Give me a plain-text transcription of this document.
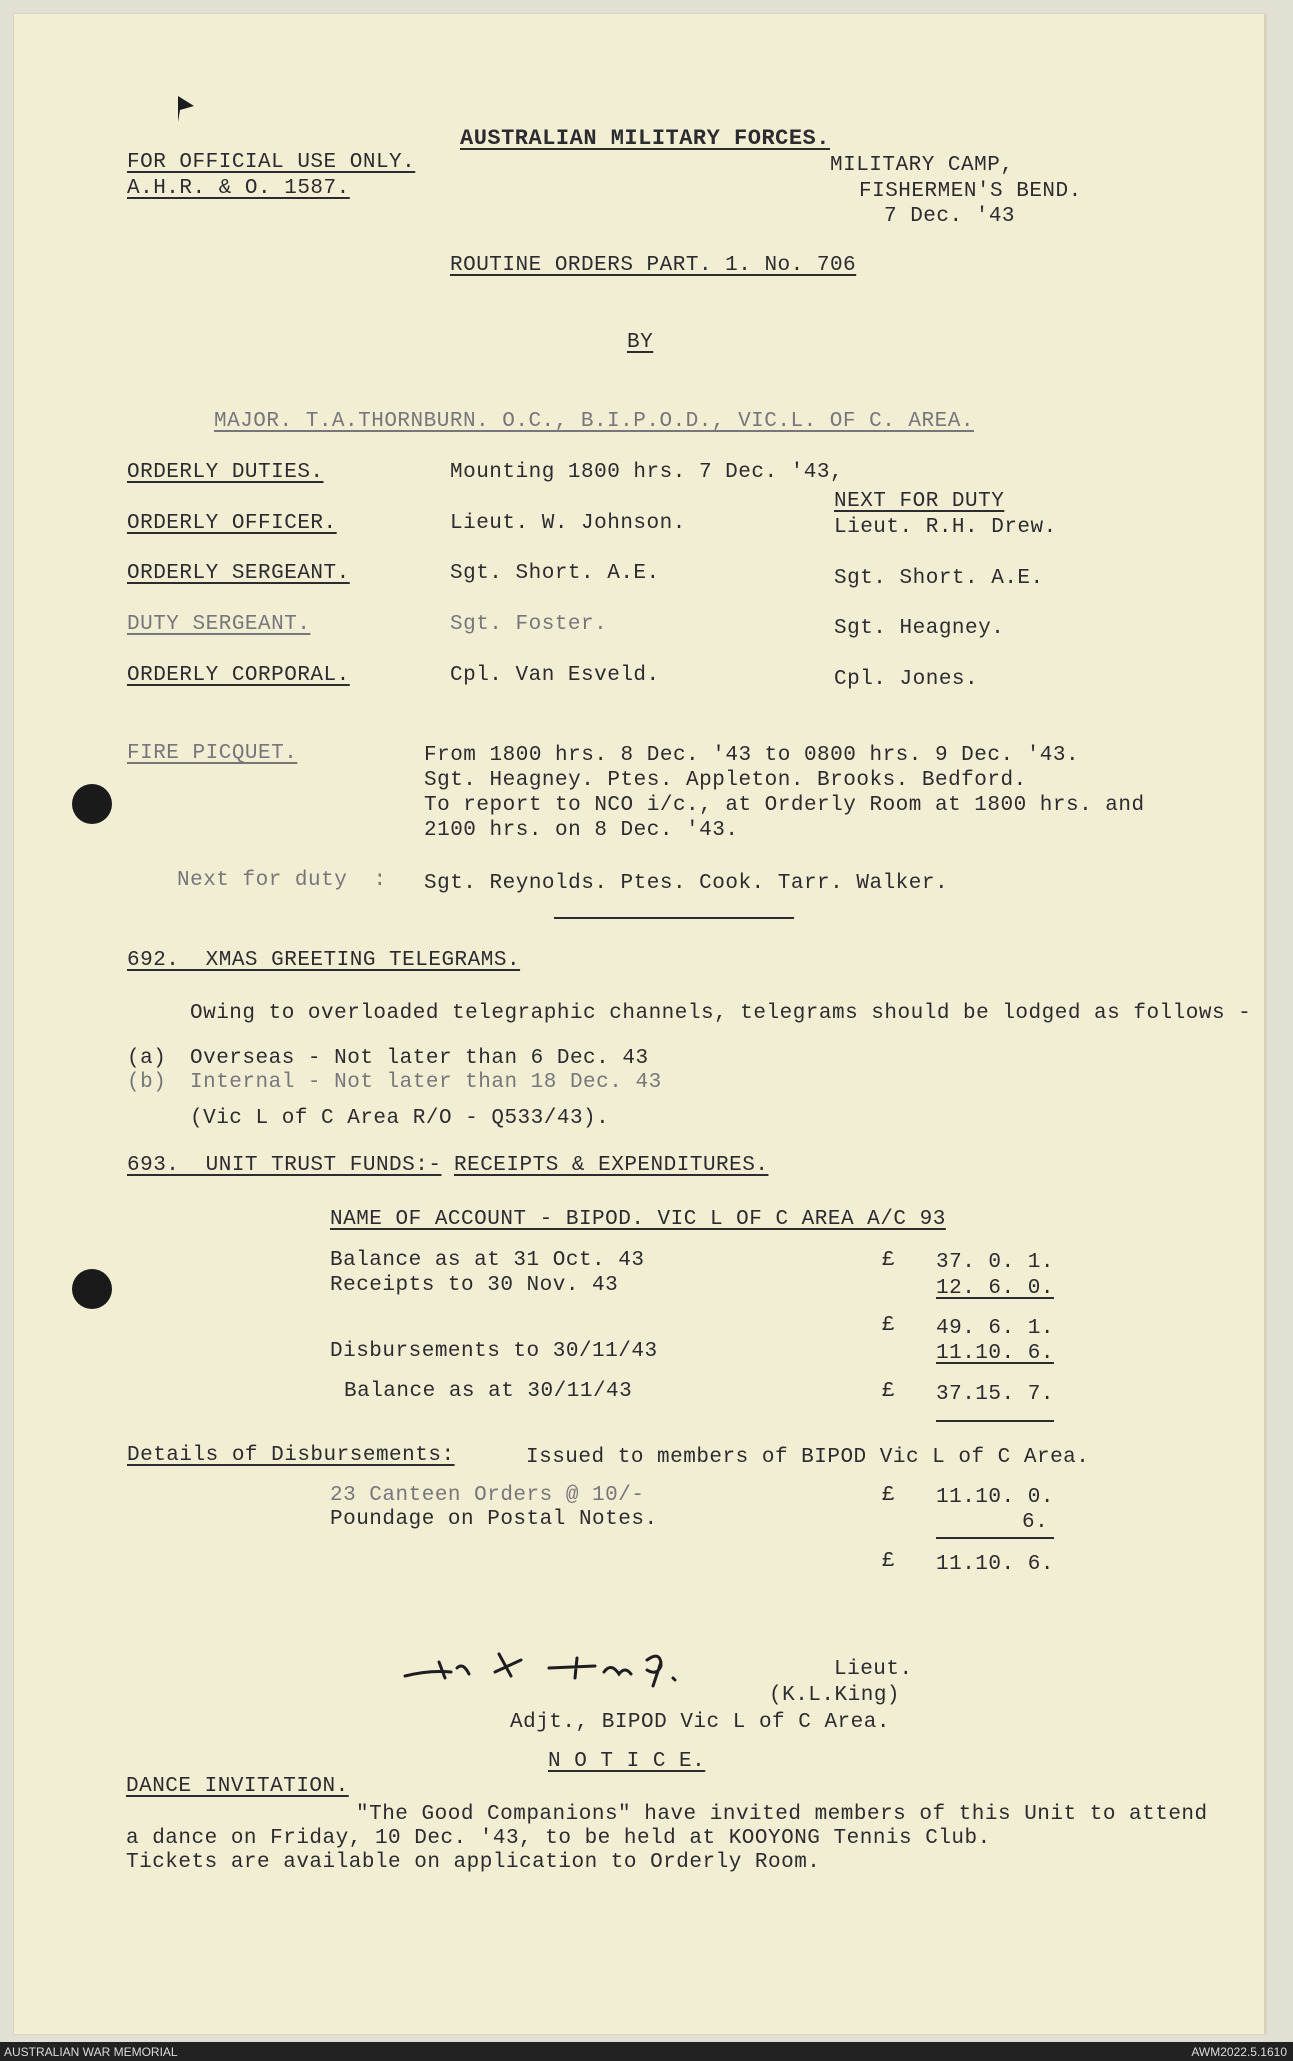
AUSTRALIAN MILITARY FORCES.
FOR OFFICIAL USE ONLY.
A.H.R. & O. 1587.
MILITARY CAMP,
FISHERMEN'S BEND.
7 Dec. '43
ROUTINE ORDERS PART. 1. No. 706
BY
MAJOR. T.A.THORNBURN. O.C., B.I.P.O.D., VIC.L. OF C. AREA.
NEXT FOR DUTY
ORDERLY DUTIES.	Mounting 1800 hrs. 7 Dec. '43,
ORDERLY OFFICER.	Lieut. W. Johnson.	Lieut. R.H. Drew.
ORDERLY SERGEANT.	Sgt. Short. A.E.	Sgt. Short. A.E.
DUTY SERGEANT.	Sgt. Foster.	Sgt. Heagney.
ORDERLY CORPORAL.	Cpl. Van Esveld.	Cpl. Jones.
FIRE PICQUET.	From 1800 hrs. 8 Dec. '43 to 0800 hrs. 9 Dec. '43.
Sgt. Heagney. Ptes. Appleton. Brooks. Bedford.
To report to NCO i/c., at Orderly Room at 1800 hrs. and
2100 hrs. on 8 Dec. '43.
Next for duty  : Sgt. Reynolds. Ptes. Cook. Tarr. Walker.
692.  XMAS GREETING TELEGRAMS.
Owing to overloaded telegraphic channels, telegrams should be lodged as follows -
(a) Overseas - Not later than 6 Dec. 43
(b) Internal - Not later than 18 Dec. 43
(Vic L of C Area R/O - Q533/43).
693.  UNIT TRUST FUNDS:- RECEIPTS & EXPENDITURES.
NAME OF ACCOUNT - BIPOD. VIC L OF C AREA A/C 93
Balance as at 31 Oct. 43	£ 37. 0. 1.
Receipts to 30 Nov. 43	12. 6. 0.
£ 49. 6. 1.
Disbursements to 30/11/43	11.10. 6.
Balance as at 30/11/43	£ 37.15. 7.
Details of Disbursements:	Issued to members of BIPOD Vic L of C Area.
23 Canteen Orders @ 10/-	£ 11.10. 0.
Poundage on Postal Notes.	6.
£ 11.10. 6.
Lieut.
(K.L.King)
Adjt., BIPOD Vic L of C Area.
N O T I C E.
DANCE INVITATION.
"The Good Companions" have invited members of this Unit to attend
a dance on Friday, 10 Dec. '43, to be held at KOOYONG Tennis Club.
Tickets are available on application to Orderly Room.
AUSTRALIAN WAR MEMORIAL	AWM2022.5.1610
